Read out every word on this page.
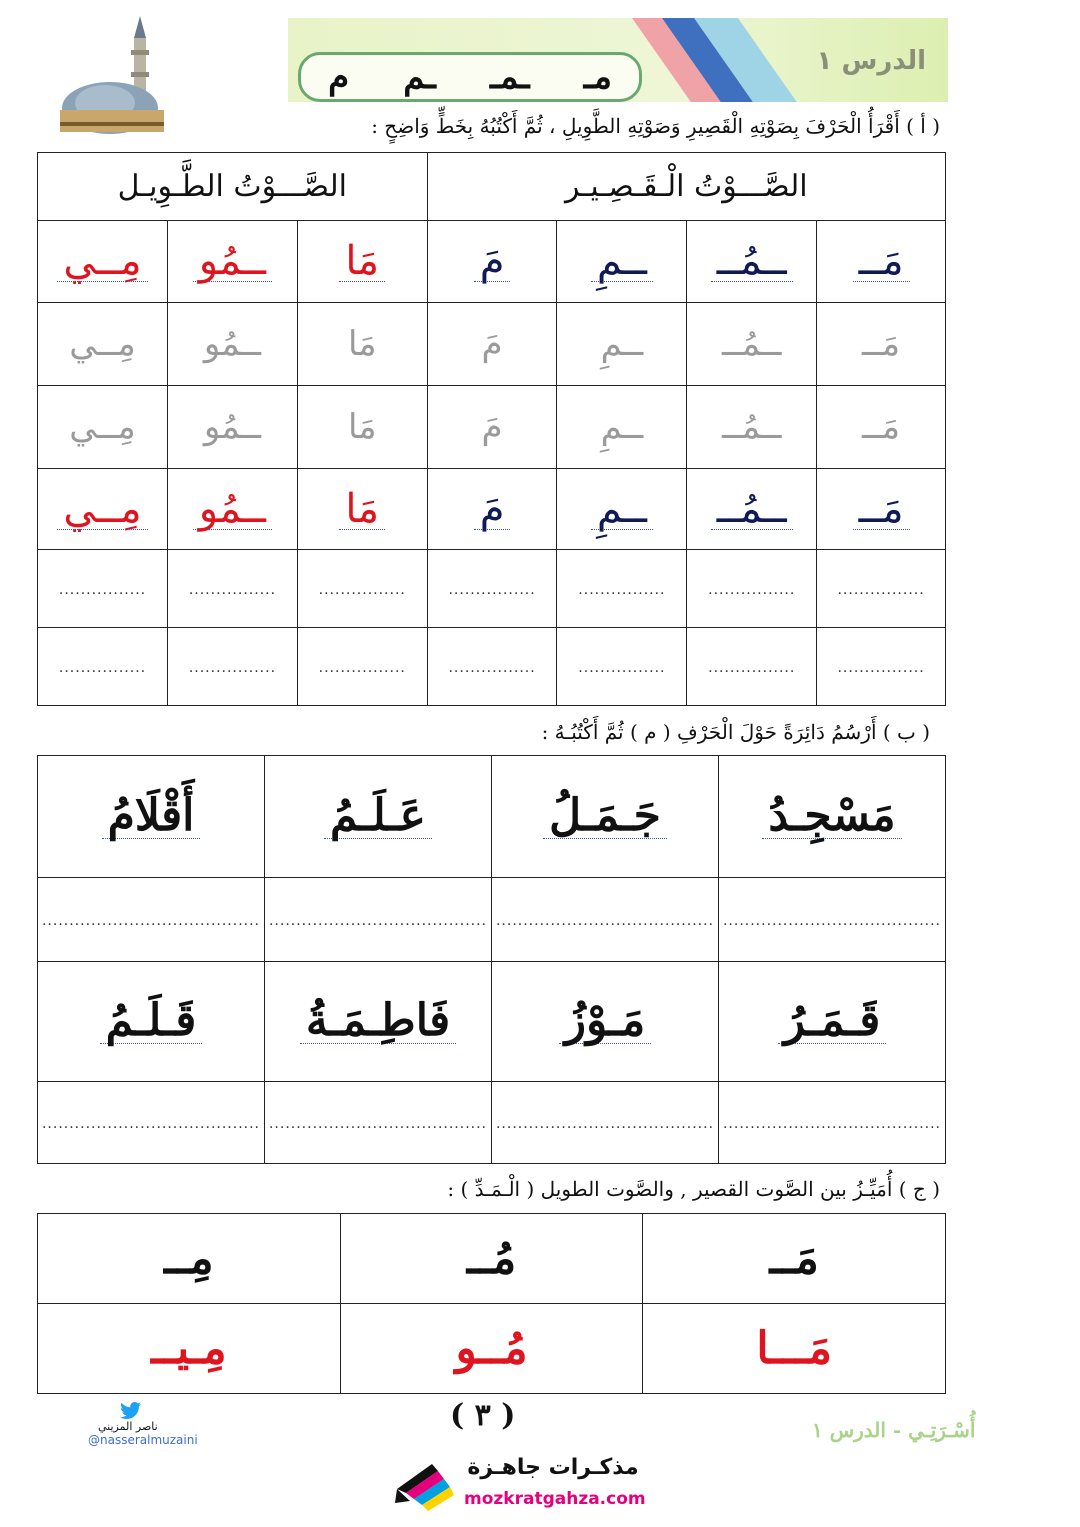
الدرس ١
مـ
ـمـ
ـم
م
( أ ) أَقْرَأُ الْحَرْفَ بِصَوْتِهِ الْقَصِيرِ وَصَوْتِهِ الطَّوِيلِ ، ثُمَّ أَكْتُبُهُ بِخَطٍّ وَاضِحٍ :
الصَّـــوْتُ الْـقَـصِـيـر				الصَّـــوْتُ الطَّـوِيـل		
مَــ	ــمُــ	ــمِ	مَ	مَا	ــمُو	مِــي
مَــ	ــمُــ	ــمِ	مَ	مَا	ــمُو	مِــي
مَــ	ــمُــ	ــمِ	مَ	مَا	ــمُو	مِــي
مَــ	ــمُــ	ــمِ	مَ	مَا	ــمُو	مِــي
................	................	................	................	................	................	................
................	................	................	................	................	................	................
( ب ) أَرْسُمُ دَائِرَةً حَوْلَ الْحَرْفِ ( م ) ثُمَّ أَكْتُبُـهُ :
مَسْجِـدُ	جَـمَـلُ	عَـلَـمُ	أَقْلَامُ
........................................	........................................	........................................	........................................
قَـمَـرُ	مَـوْزُ	فَاطِـمَـةُ	قَـلَـمُ
........................................	........................................	........................................	........................................
( ج ) أُمَيِّـزُ بين الصَّوت القصير , والصَّوت الطويل ( الْـمَـدِّ ) :
مَــ	مُــ	مِــ
مَـــا	مُــو	مِـيــ
( ٣ )
ناصر المزيني
@nasseralmuzaini	أُسْـرَتِـي - الدرس ١
مذكـرات جاهـزة
mozkratgahza.com
